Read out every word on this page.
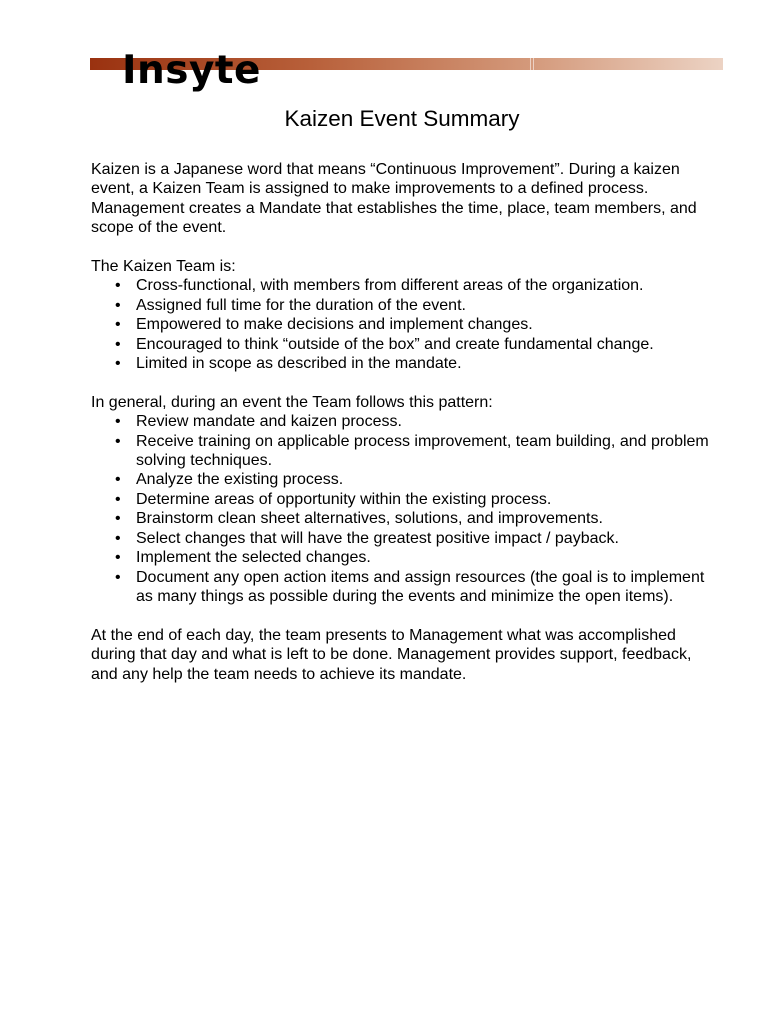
Insyte
Kaizen Event Summary

Kaizen is a Japanese word that means “Continuous Improvement”. During a kaizen event, a Kaizen Team is assigned to make improvements to a defined process. Management creates a Mandate that establishes the time, place, team members, and scope of the event.

The Kaizen Team is:

• Cross-functional, with members from different areas of the organization.
• Assigned full time for the duration of the event.
• Empowered to make decisions and implement changes.
• Encouraged to think “outside of the box” and create fundamental change.
• Limited in scope as described in the mandate.

In general, during an event the Team follows this pattern:

• Review mandate and kaizen process.
• Receive training on applicable process improvement, team building, and problem solving techniques.
• Analyze the existing process.
• Determine areas of opportunity within the existing process.
• Brainstorm clean sheet alternatives, solutions, and improvements.
• Select changes that will have the greatest positive impact / payback.
• Implement the selected changes.
• Document any open action items and assign resources (the goal is to implement as many things as possible during the events and minimize the open items).

At the end of each day, the team presents to Management what was accomplished during that day and what is left to be done. Management provides support, feedback, and any help the team needs to achieve its mandate.
